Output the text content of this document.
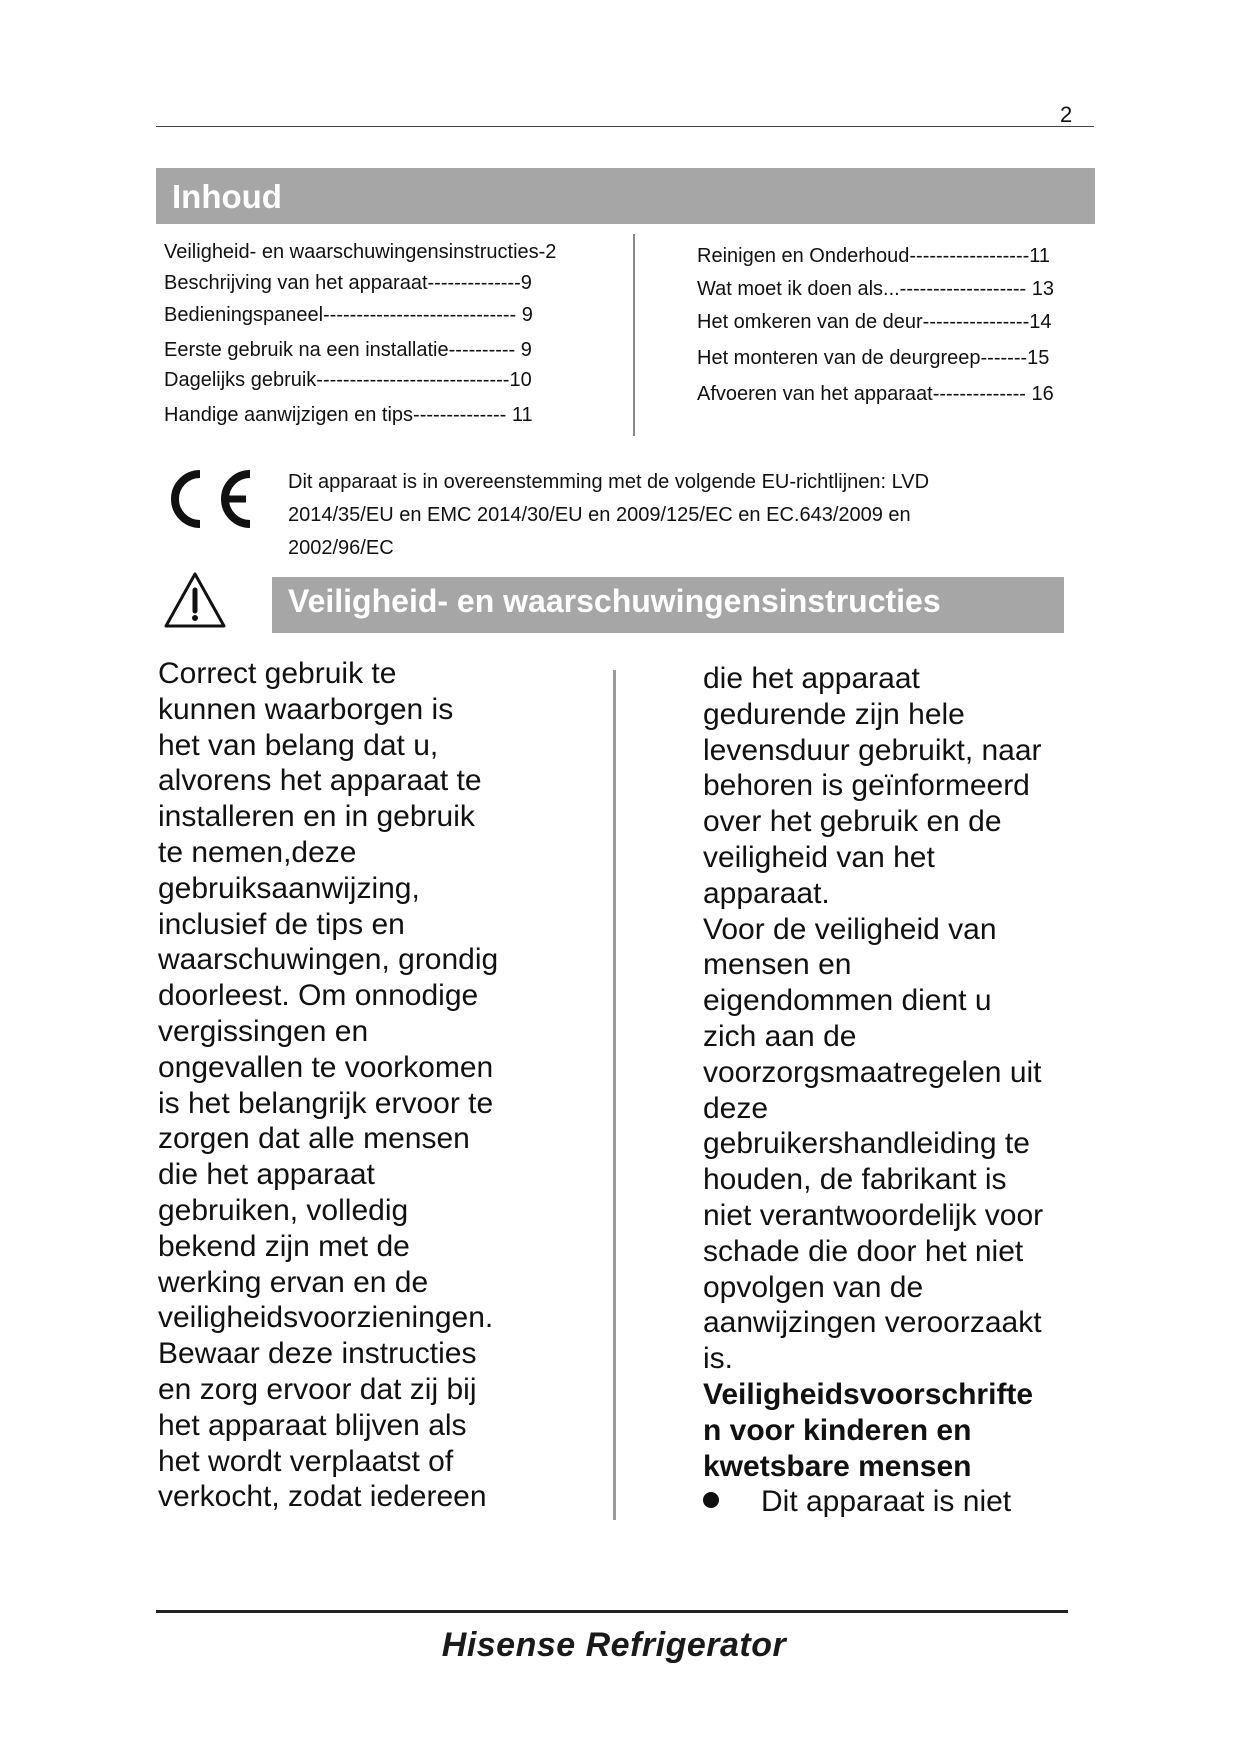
2
Inhoud
Veiligheid- en waarschuwingensinstructies-2
Beschrijving van het apparaat--------------9
Bedieningspaneel----------------------------- 9
Eerste gebruik na een installatie---------- 9
Dagelijks gebruik-----------------------------10
Handige aanwijzigen en tips-------------- 11
Reinigen en Onderhoud------------------11
Wat moet ik doen als...------------------- 13
Het omkeren van de deur----------------14
Het monteren van de deurgreep-------15
Afvoeren van het apparaat-------------- 16
Dit apparaat is in overeenstemming met de volgende EU-richtlijnen: LVD
2014/35/EU en EMC 2014/30/EU en 2009/125/EC en EC.643/2009 en
2002/96/EC
Veiligheid- en waarschuwingensinstructies
Correct gebruik te
kunnen waarborgen is
het van belang dat u,
alvorens het apparaat te
installeren en in gebruik
te nemen,deze
gebruiksaanwijzing,
inclusief de tips en
waarschuwingen, grondig
doorleest. Om onnodige
vergissingen en
ongevallen te voorkomen
is het belangrijk ervoor te
zorgen dat alle mensen
die het apparaat
gebruiken, volledig
bekend zijn met de
werking ervan en de
veiligheidsvoorzieningen.
Bewaar deze instructies
en zorg ervoor dat zij bij
het apparaat blijven als
het wordt verplaatst of
verkocht, zodat iedereen
die het apparaat
gedurende zijn hele
levensduur gebruikt, naar
behoren is geïnformeerd
over het gebruik en de
veiligheid van het
apparaat.
Voor de veiligheid van
mensen en
eigendommen dient u
zich aan de
voorzorgsmaatregelen uit
deze
gebruikershandleiding te
houden, de fabrikant is
niet verantwoordelijk voor
schade die door het niet
opvolgen van de
aanwijzingen veroorzaakt
is.
Veiligheidsvoorschrifte
n voor kinderen en
kwetsbare mensen
Dit apparaat is niet
Hisense Refrigerator
